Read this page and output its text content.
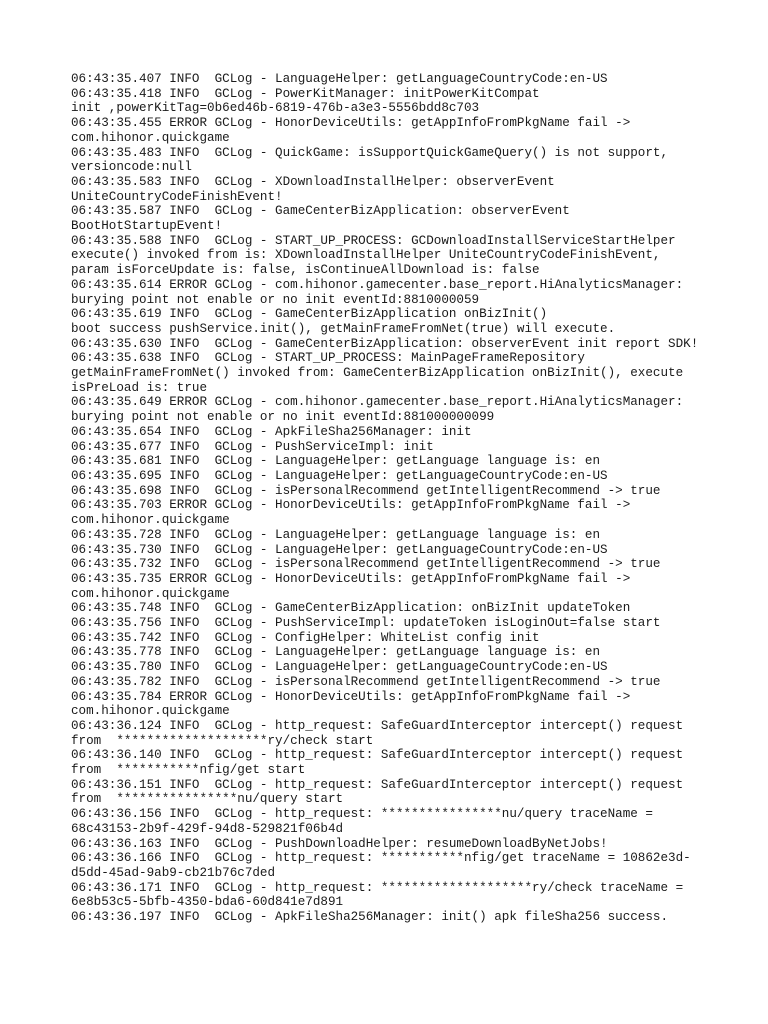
06:43:35.407 INFO  GCLog - LanguageHelper: getLanguageCountryCode:en-US
06:43:35.418 INFO  GCLog - PowerKitManager: initPowerKitCompat
init ,powerKitTag=0b6ed46b-6819-476b-a3e3-5556bdd8c703
06:43:35.455 ERROR GCLog - HonorDeviceUtils: getAppInfoFromPkgName fail ->
com.hihonor.quickgame
06:43:35.483 INFO  GCLog - QuickGame: isSupportQuickGameQuery() is not support,
versioncode:null
06:43:35.583 INFO  GCLog - XDownloadInstallHelper: observerEvent
UniteCountryCodeFinishEvent!
06:43:35.587 INFO  GCLog - GameCenterBizApplication: observerEvent
BootHotStartupEvent!
06:43:35.588 INFO  GCLog - START_UP_PROCESS: GCDownloadInstallServiceStartHelper
execute() invoked from is: XDownloadInstallHelper UniteCountryCodeFinishEvent,
param isForceUpdate is: false, isContinueAllDownload is: false
06:43:35.614 ERROR GCLog - com.hihonor.gamecenter.base_report.HiAnalyticsManager:
burying point not enable or no init eventId:8810000059
06:43:35.619 INFO  GCLog - GameCenterBizApplication onBizInit()
boot success pushService.init(), getMainFrameFromNet(true) will execute.
06:43:35.630 INFO  GCLog - GameCenterBizApplication: observerEvent init report SDK!
06:43:35.638 INFO  GCLog - START_UP_PROCESS: MainPageFrameRepository
getMainFrameFromNet() invoked from: GameCenterBizApplication onBizInit(), execute
isPreLoad is: true
06:43:35.649 ERROR GCLog - com.hihonor.gamecenter.base_report.HiAnalyticsManager:
burying point not enable or no init eventId:881000000099
06:43:35.654 INFO  GCLog - ApkFileSha256Manager: init
06:43:35.677 INFO  GCLog - PushServiceImpl: init
06:43:35.681 INFO  GCLog - LanguageHelper: getLanguage language is: en
06:43:35.695 INFO  GCLog - LanguageHelper: getLanguageCountryCode:en-US
06:43:35.698 INFO  GCLog - isPersonalRecommend getIntelligentRecommend -> true
06:43:35.703 ERROR GCLog - HonorDeviceUtils: getAppInfoFromPkgName fail ->
com.hihonor.quickgame
06:43:35.728 INFO  GCLog - LanguageHelper: getLanguage language is: en
06:43:35.730 INFO  GCLog - LanguageHelper: getLanguageCountryCode:en-US
06:43:35.732 INFO  GCLog - isPersonalRecommend getIntelligentRecommend -> true
06:43:35.735 ERROR GCLog - HonorDeviceUtils: getAppInfoFromPkgName fail ->
com.hihonor.quickgame
06:43:35.748 INFO  GCLog - GameCenterBizApplication: onBizInit updateToken
06:43:35.756 INFO  GCLog - PushServiceImpl: updateToken isLoginOut=false start
06:43:35.742 INFO  GCLog - ConfigHelper: WhiteList config init
06:43:35.778 INFO  GCLog - LanguageHelper: getLanguage language is: en
06:43:35.780 INFO  GCLog - LanguageHelper: getLanguageCountryCode:en-US
06:43:35.782 INFO  GCLog - isPersonalRecommend getIntelligentRecommend -> true
06:43:35.784 ERROR GCLog - HonorDeviceUtils: getAppInfoFromPkgName fail ->
com.hihonor.quickgame
06:43:36.124 INFO  GCLog - http_request: SafeGuardInterceptor intercept() request
from  ********************ry/check start
06:43:36.140 INFO  GCLog - http_request: SafeGuardInterceptor intercept() request
from  ***********nfig/get start
06:43:36.151 INFO  GCLog - http_request: SafeGuardInterceptor intercept() request
from  ****************nu/query start
06:43:36.156 INFO  GCLog - http_request: ****************nu/query traceName =
68c43153-2b9f-429f-94d8-529821f06b4d
06:43:36.163 INFO  GCLog - PushDownloadHelper: resumeDownloadByNetJobs!
06:43:36.166 INFO  GCLog - http_request: ***********nfig/get traceName = 10862e3d-
d5dd-45ad-9ab9-cb21b76c7ded
06:43:36.171 INFO  GCLog - http_request: ********************ry/check traceName =
6e8b53c5-5bfb-4350-bda6-60d841e7d891
06:43:36.197 INFO  GCLog - ApkFileSha256Manager: init() apk fileSha256 success.
